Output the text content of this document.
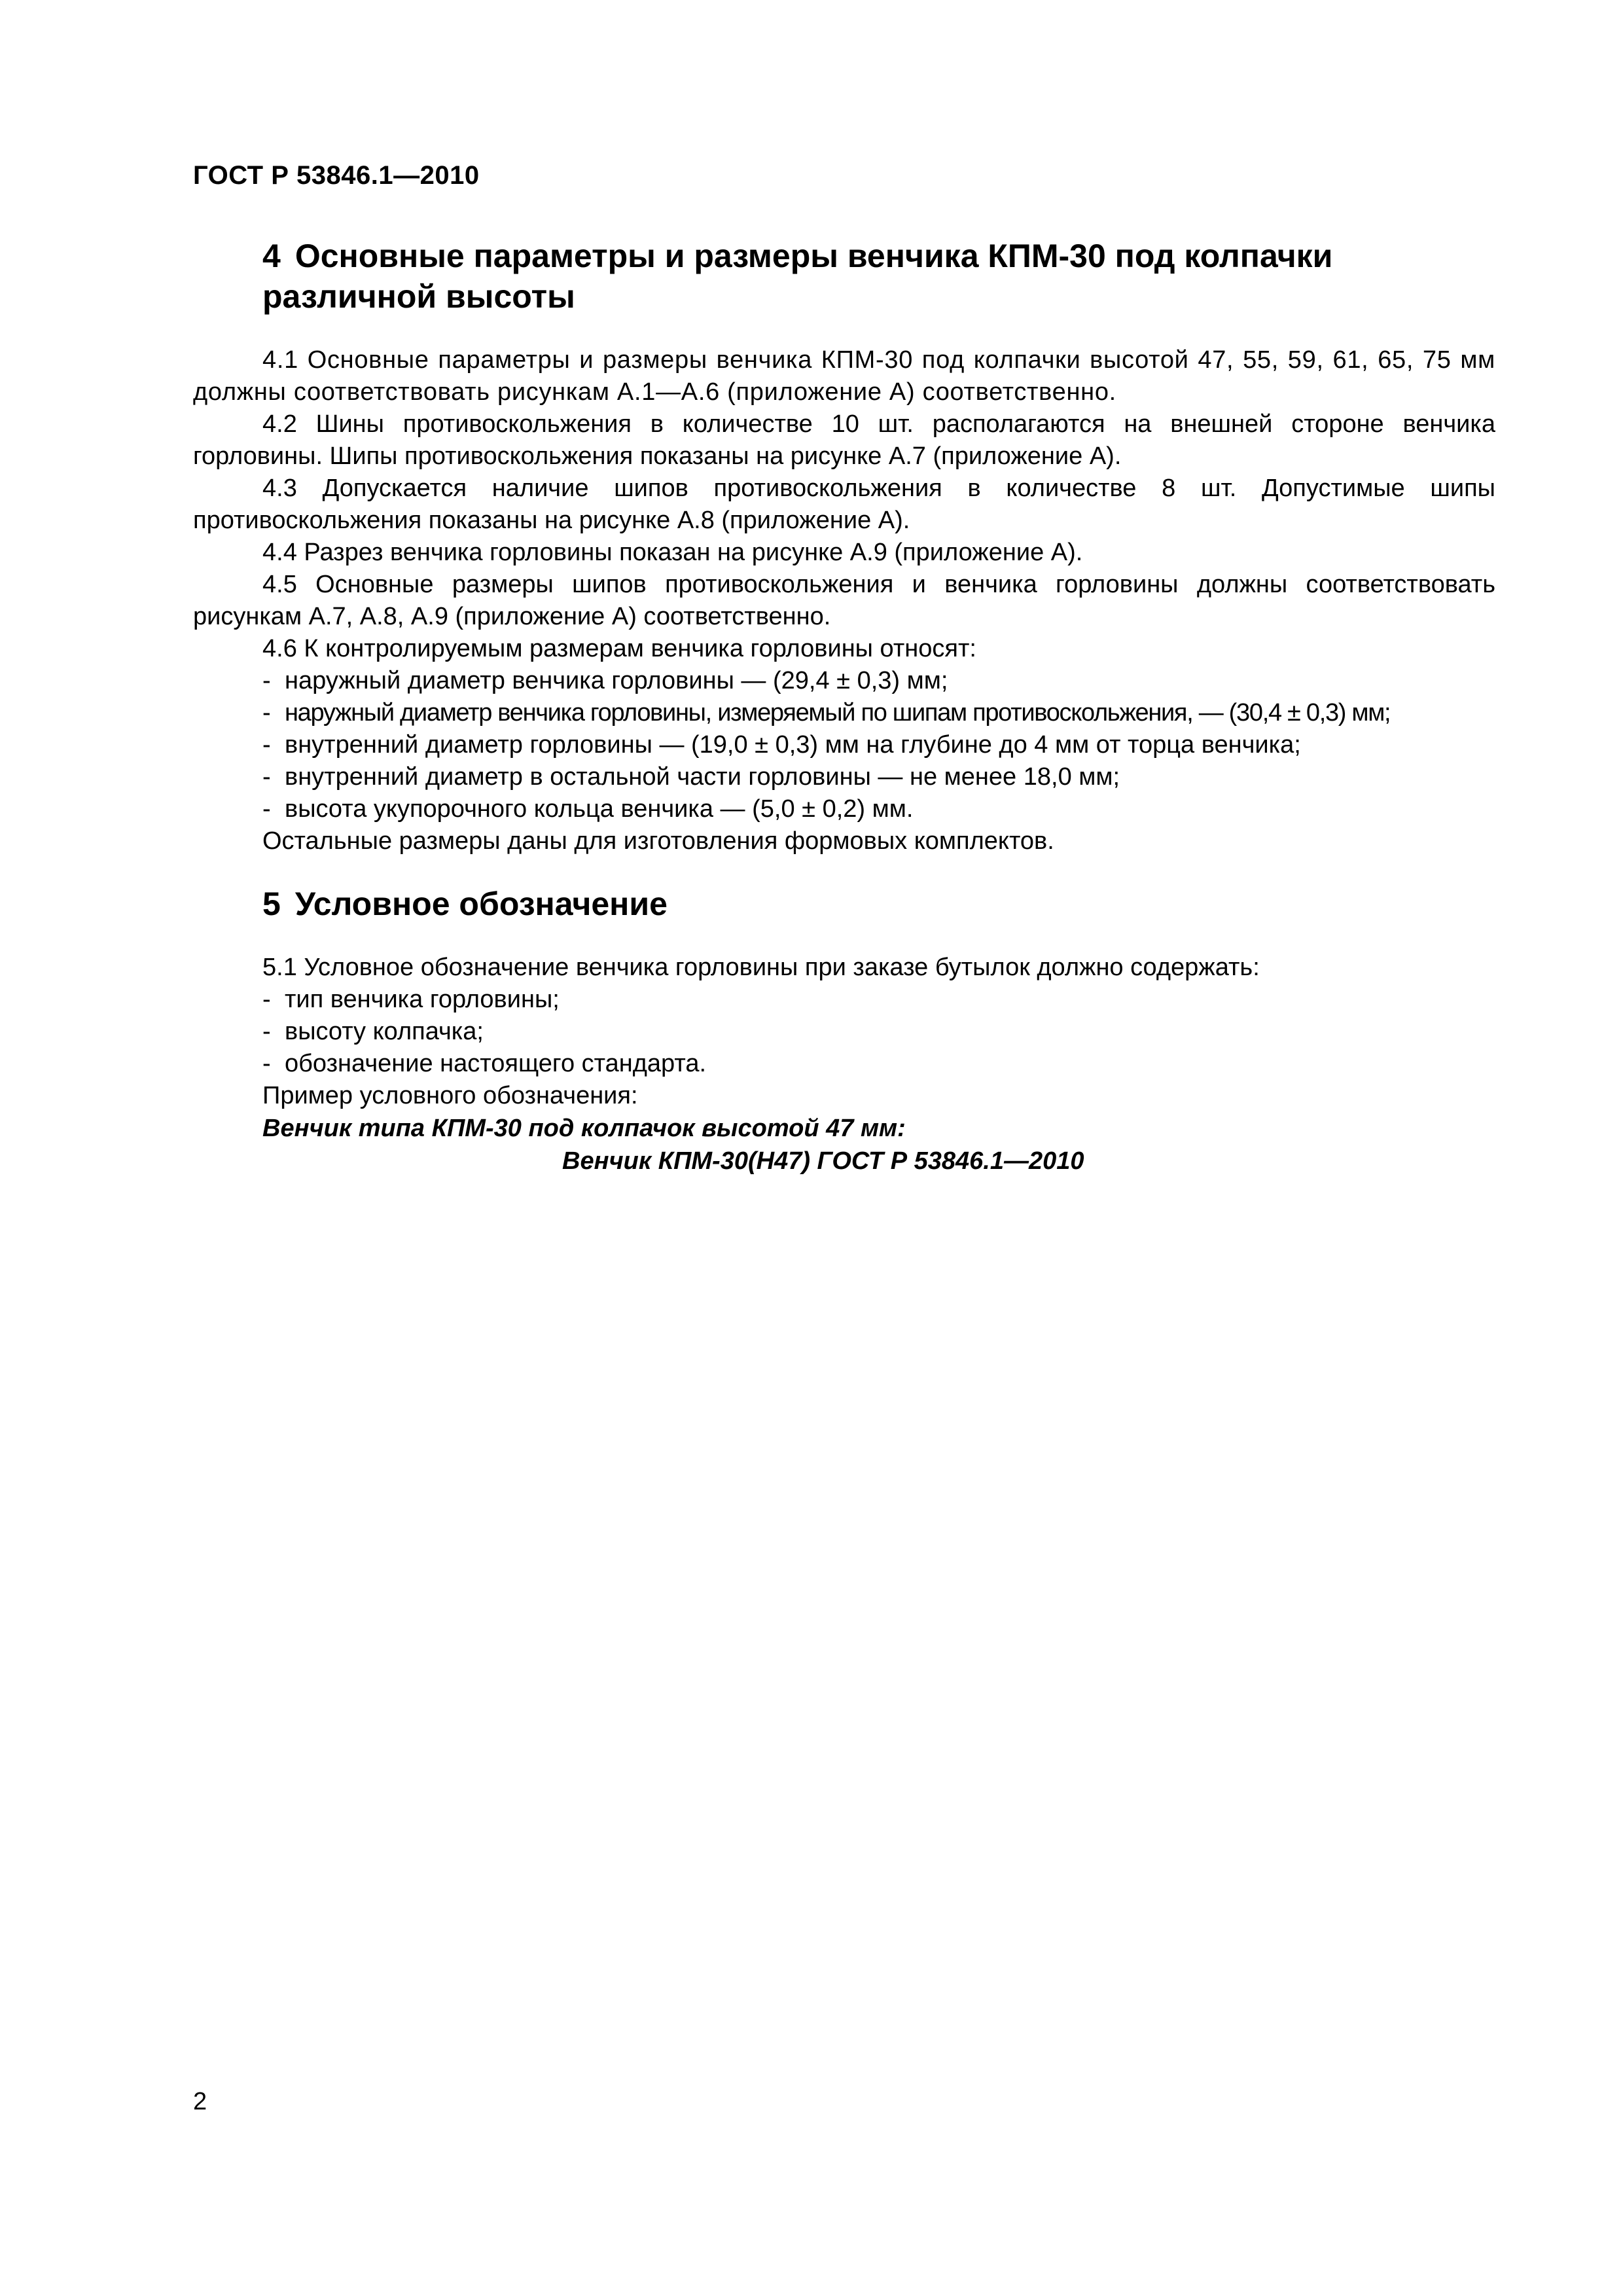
ГОСТ Р 53846.1—2010
4 Основные параметры и размеры венчика КПМ-30 под колпачки
различной высоты

4.1 Основные параметры и размеры венчика КПМ-30 под колпачки высотой 47, 55, 59, 61, 65, 75 мм должны соответствовать рисункам А.1—А.6 (приложение А) соответственно.

4.2 Шины противоскольжения в количестве 10 шт. располагаются на внешней стороне венчика горловины. Шипы противоскольжения показаны на рисунке А.7 (приложение А).

4.3 Допускается наличие шипов противоскольжения в количестве 8 шт. Допустимые шипы противоскольжения показаны на рисунке А.8 (приложение А).

4.4 Разрез венчика горловины показан на рисунке А.9 (приложение А).

4.5 Основные размеры шипов противоскольжения и венчика горловины должны соответствовать рисункам А.7, А.8, А.9 (приложение А) соответственно.

4.6 К контролируемым размерам венчика горловины относят:

- наружный диаметр венчика горловины — (29,4 ± 0,3) мм;
- наружный диаметр венчика горловины, измеряемый по шипам противоскольжения, — (30,4 ± 0,3) мм;
- внутренний диаметр горловины — (19,0 ± 0,3) мм на глубине до 4 мм от торца венчика;
- внутренний диаметр в остальной части горловины — не менее 18,0 мм;
- высота укупорочного кольца венчика — (5,0 ± 0,2) мм.
Остальные размеры даны для изготовления формовых комплектов.
5 Условное обозначение

5.1 Условное обозначение венчика горловины при заказе бутылок должно содержать:

- тип венчика горловины;
- высоту колпачка;
- обозначение настоящего стандарта.
Пример условного обозначения:
Венчик типа КПМ-30 под колпачок высотой 47 мм:
Венчик КПМ-30(Н47) ГОСТ Р 53846.1—2010
2
